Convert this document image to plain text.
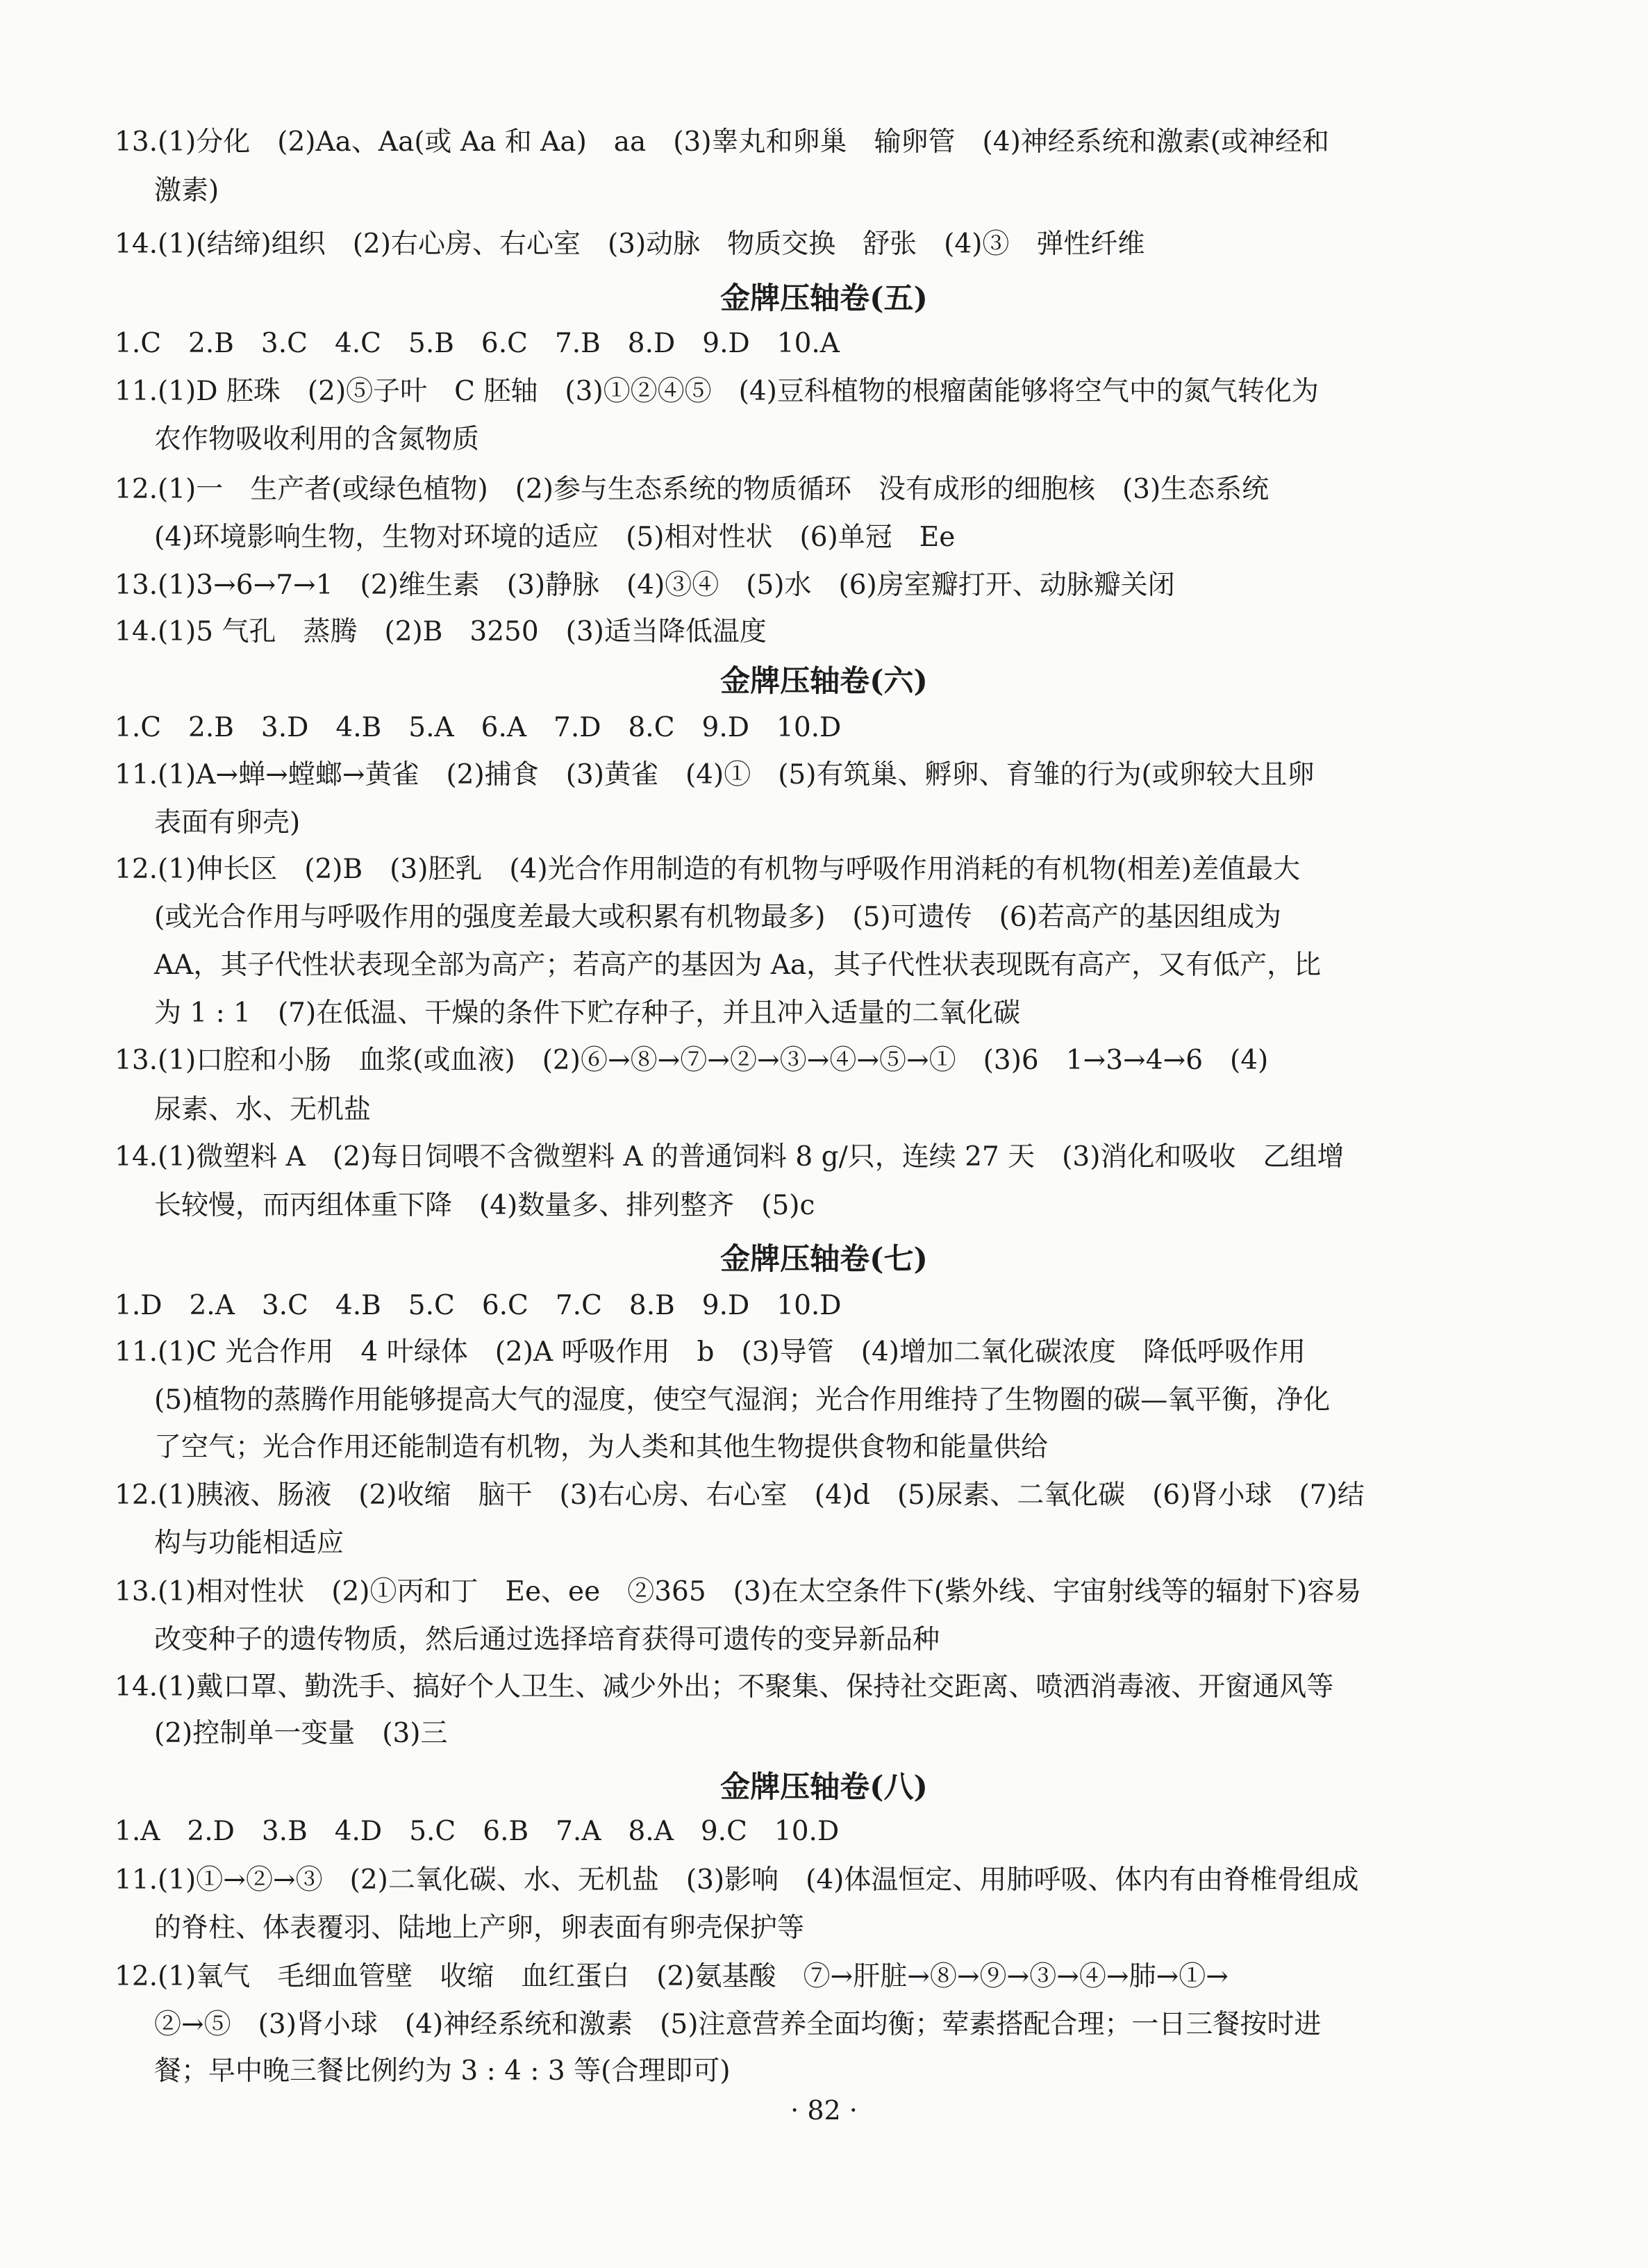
13.(1)分化　(2)Aa、Aa(或 Aa 和 Aa)　aa　(3)睾丸和卵巢　输卵管　(4)神经系统和激素(或神经和
激素)
14.(1)(结缔)组织　(2)右心房、右心室　(3)动脉　物质交换　舒张　(4)③　弹性纤维
金牌压轴卷(五)
1.C　2.B　3.C　4.C　5.B　6.C　7.B　8.D　9.D　10.A
11.(1)D 胚珠　(2)⑤子叶　C 胚轴　(3)①②④⑤　(4)豆科植物的根瘤菌能够将空气中的氮气转化为
农作物吸收利用的含氮物质
12.(1)一　生产者(或绿色植物)　(2)参与生态系统的物质循环　没有成形的细胞核　(3)生态系统
(4)环境影响生物，生物对环境的适应　(5)相对性状　(6)单冠　Ee
13.(1)3→6→7→1　(2)维生素　(3)静脉　(4)③④　(5)水　(6)房室瓣打开、动脉瓣关闭
14.(1)5 气孔　蒸腾　(2)B　3250　(3)适当降低温度
金牌压轴卷(六)
1.C　2.B　3.D　4.B　5.A　6.A　7.D　8.C　9.D　10.D
11.(1)A→蝉→螳螂→黄雀　(2)捕食　(3)黄雀　(4)①　(5)有筑巢、孵卵、育雏的行为(或卵较大且卵
表面有卵壳)
12.(1)伸长区　(2)B　(3)胚乳　(4)光合作用制造的有机物与呼吸作用消耗的有机物(相差)差值最大
(或光合作用与呼吸作用的强度差最大或积累有机物最多)　(5)可遗传　(6)若高产的基因组成为
AA，其子代性状表现全部为高产；若高产的基因为 Aa，其子代性状表现既有高产，又有低产，比
为 1 : 1　(7)在低温、干燥的条件下贮存种子，并且冲入适量的二氧化碳
13.(1)口腔和小肠　血浆(或血液)　(2)⑥→⑧→⑦→②→③→④→⑤→①　(3)6　1→3→4→6　(4)
尿素、水、无机盐
14.(1)微塑料 A　(2)每日饲喂不含微塑料 A 的普通饲料 8 g/只，连续 27 天　(3)消化和吸收　乙组增
长较慢，而丙组体重下降　(4)数量多、排列整齐　(5)c
金牌压轴卷(七)
1.D　2.A　3.C　4.B　5.C　6.C　7.C　8.B　9.D　10.D
11.(1)C 光合作用　4 叶绿体　(2)A 呼吸作用　b　(3)导管　(4)增加二氧化碳浓度　降低呼吸作用
(5)植物的蒸腾作用能够提高大气的湿度，使空气湿润；光合作用维持了生物圈的碳—氧平衡，净化
了空气；光合作用还能制造有机物，为人类和其他生物提供食物和能量供给
12.(1)胰液、肠液　(2)收缩　脑干　(3)右心房、右心室　(4)d　(5)尿素、二氧化碳　(6)肾小球　(7)结
构与功能相适应
13.(1)相对性状　(2)①丙和丁　Ee、ee　②365　(3)在太空条件下(紫外线、宇宙射线等的辐射下)容易
改变种子的遗传物质，然后通过选择培育获得可遗传的变异新品种
14.(1)戴口罩、勤洗手、搞好个人卫生、减少外出；不聚集、保持社交距离、喷洒消毒液、开窗通风等
(2)控制单一变量　(3)三
金牌压轴卷(八)
1.A　2.D　3.B　4.D　5.C　6.B　7.A　8.A　9.C　10.D
11.(1)①→②→③　(2)二氧化碳、水、无机盐　(3)影响　(4)体温恒定、用肺呼吸、体内有由脊椎骨组成
的脊柱、体表覆羽、陆地上产卵，卵表面有卵壳保护等
12.(1)氧气　毛细血管壁　收缩　血红蛋白　(2)氨基酸　⑦→肝脏→⑧→⑨→③→④→肺→①→
②→⑤　(3)肾小球　(4)神经系统和激素　(5)注意营养全面均衡；荤素搭配合理；一日三餐按时进
餐；早中晚三餐比例约为 3 : 4 : 3 等(合理即可)
· 82 ·
